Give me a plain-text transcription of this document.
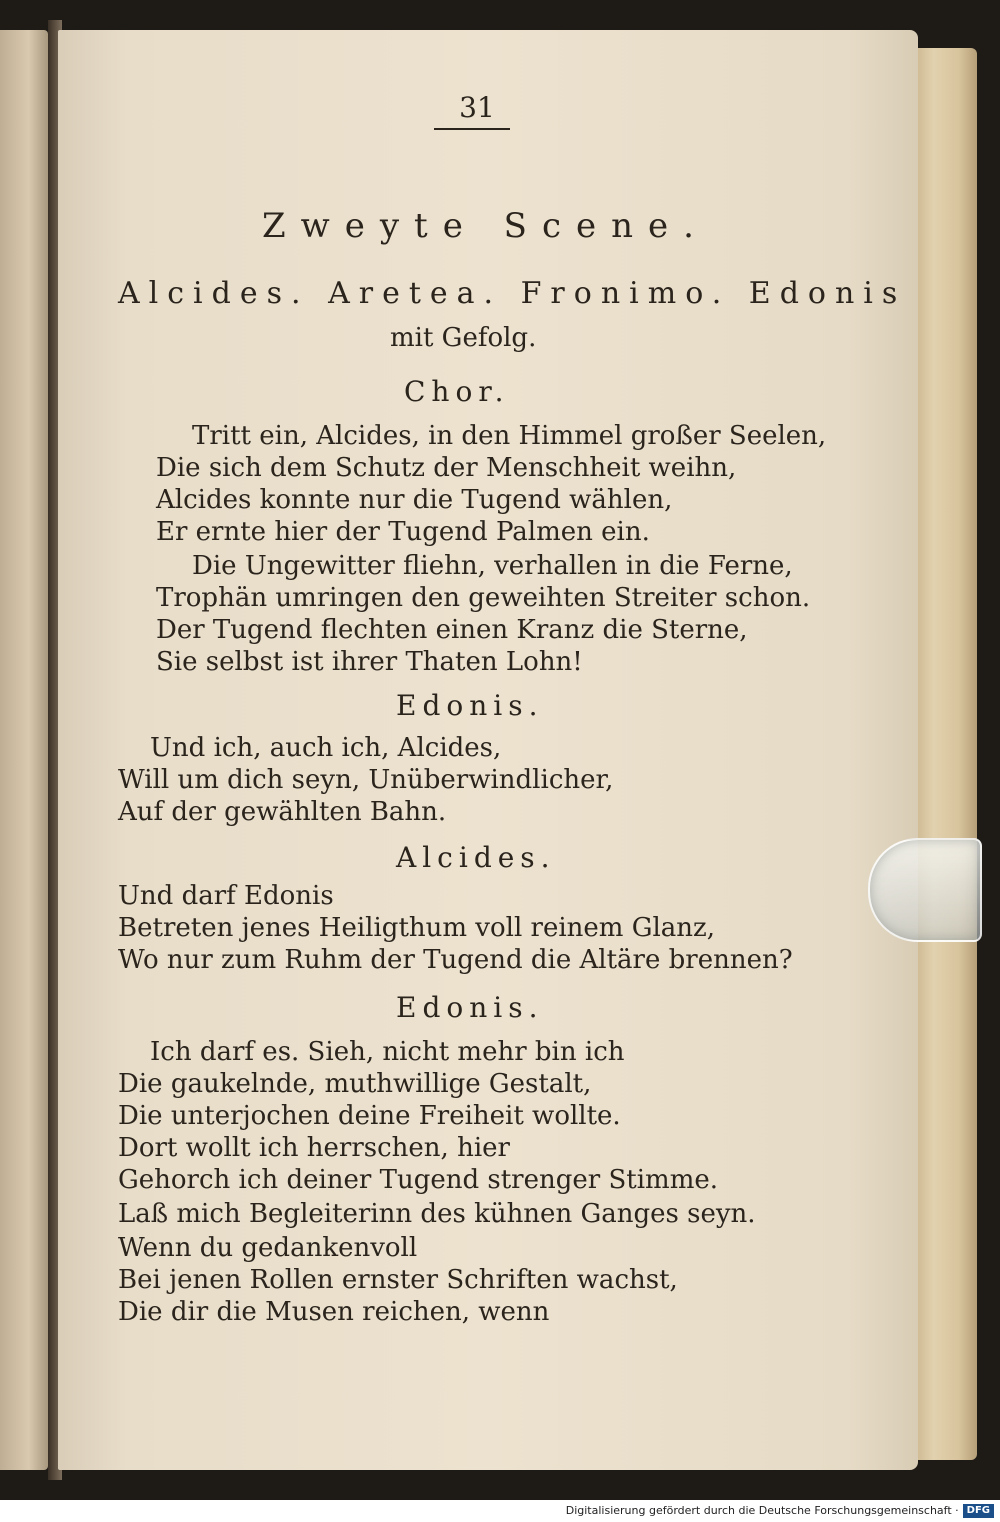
31
Zweyte Scene.
Alcides. Aretea. Fronimo. Edonis
mit Gefolg.
Chor.
Tritt ein, Alcides, in den Himmel großer Seelen,
Die sich dem Schutz der Menschheit weihn,
Alcides konnte nur die Tugend wählen,
Er ernte hier der Tugend Palmen ein.
Die Ungewitter fliehn, verhallen in die Ferne,
Trophän umringen den geweihten Streiter schon.
Der Tugend flechten einen Kranz die Sterne,
Sie selbst ist ihrer Thaten Lohn!
Edonis.
Und ich, auch ich, Alcides,
Will um dich seyn, Unüberwindlicher,
Auf der gewählten Bahn.
Alcides.
Und darf Edonis
Betreten jenes Heiligthum voll reinem Glanz,
Wo nur zum Ruhm der Tugend die Altäre brennen?
Edonis.
Ich darf es. Sieh, nicht mehr bin ich
Die gaukelnde, muthwillige Gestalt,
Die unterjochen deine Freiheit wollte.
Dort wollt ich herrschen, hier
Gehorch ich deiner Tugend strenger Stimme.
Laß mich Begleiterinn des kühnen Ganges seyn.
Wenn du gedankenvoll
Bei jenen Rollen ernster Schriften wachst,
Die dir die Musen reichen, wenn
Digitalisierung gefördert durch die Deutsche Forschungsgemeinschaft · DFG
